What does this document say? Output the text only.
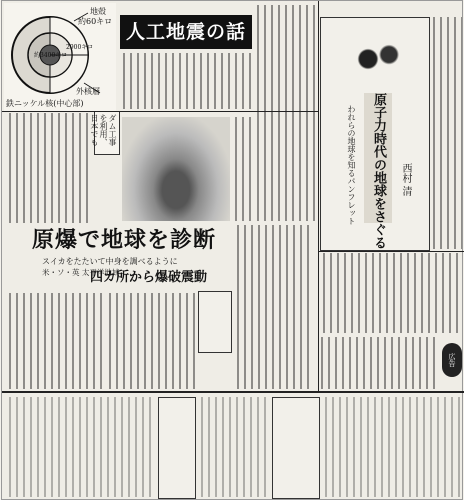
地殻
約60キロ
約3400キロ
2900キロ
外核層
鉄ニッケル核(中心部)
人工地震の話
ダム工事を利用、日本でも
原爆で地球を診断
スイカをたたいて中身を調べるように
米・ソ・英 太平洋地域
四カ所から爆破震動
原子力時代の地球をさぐる
われらの地球を知るパンフレット	西村 清
広告
